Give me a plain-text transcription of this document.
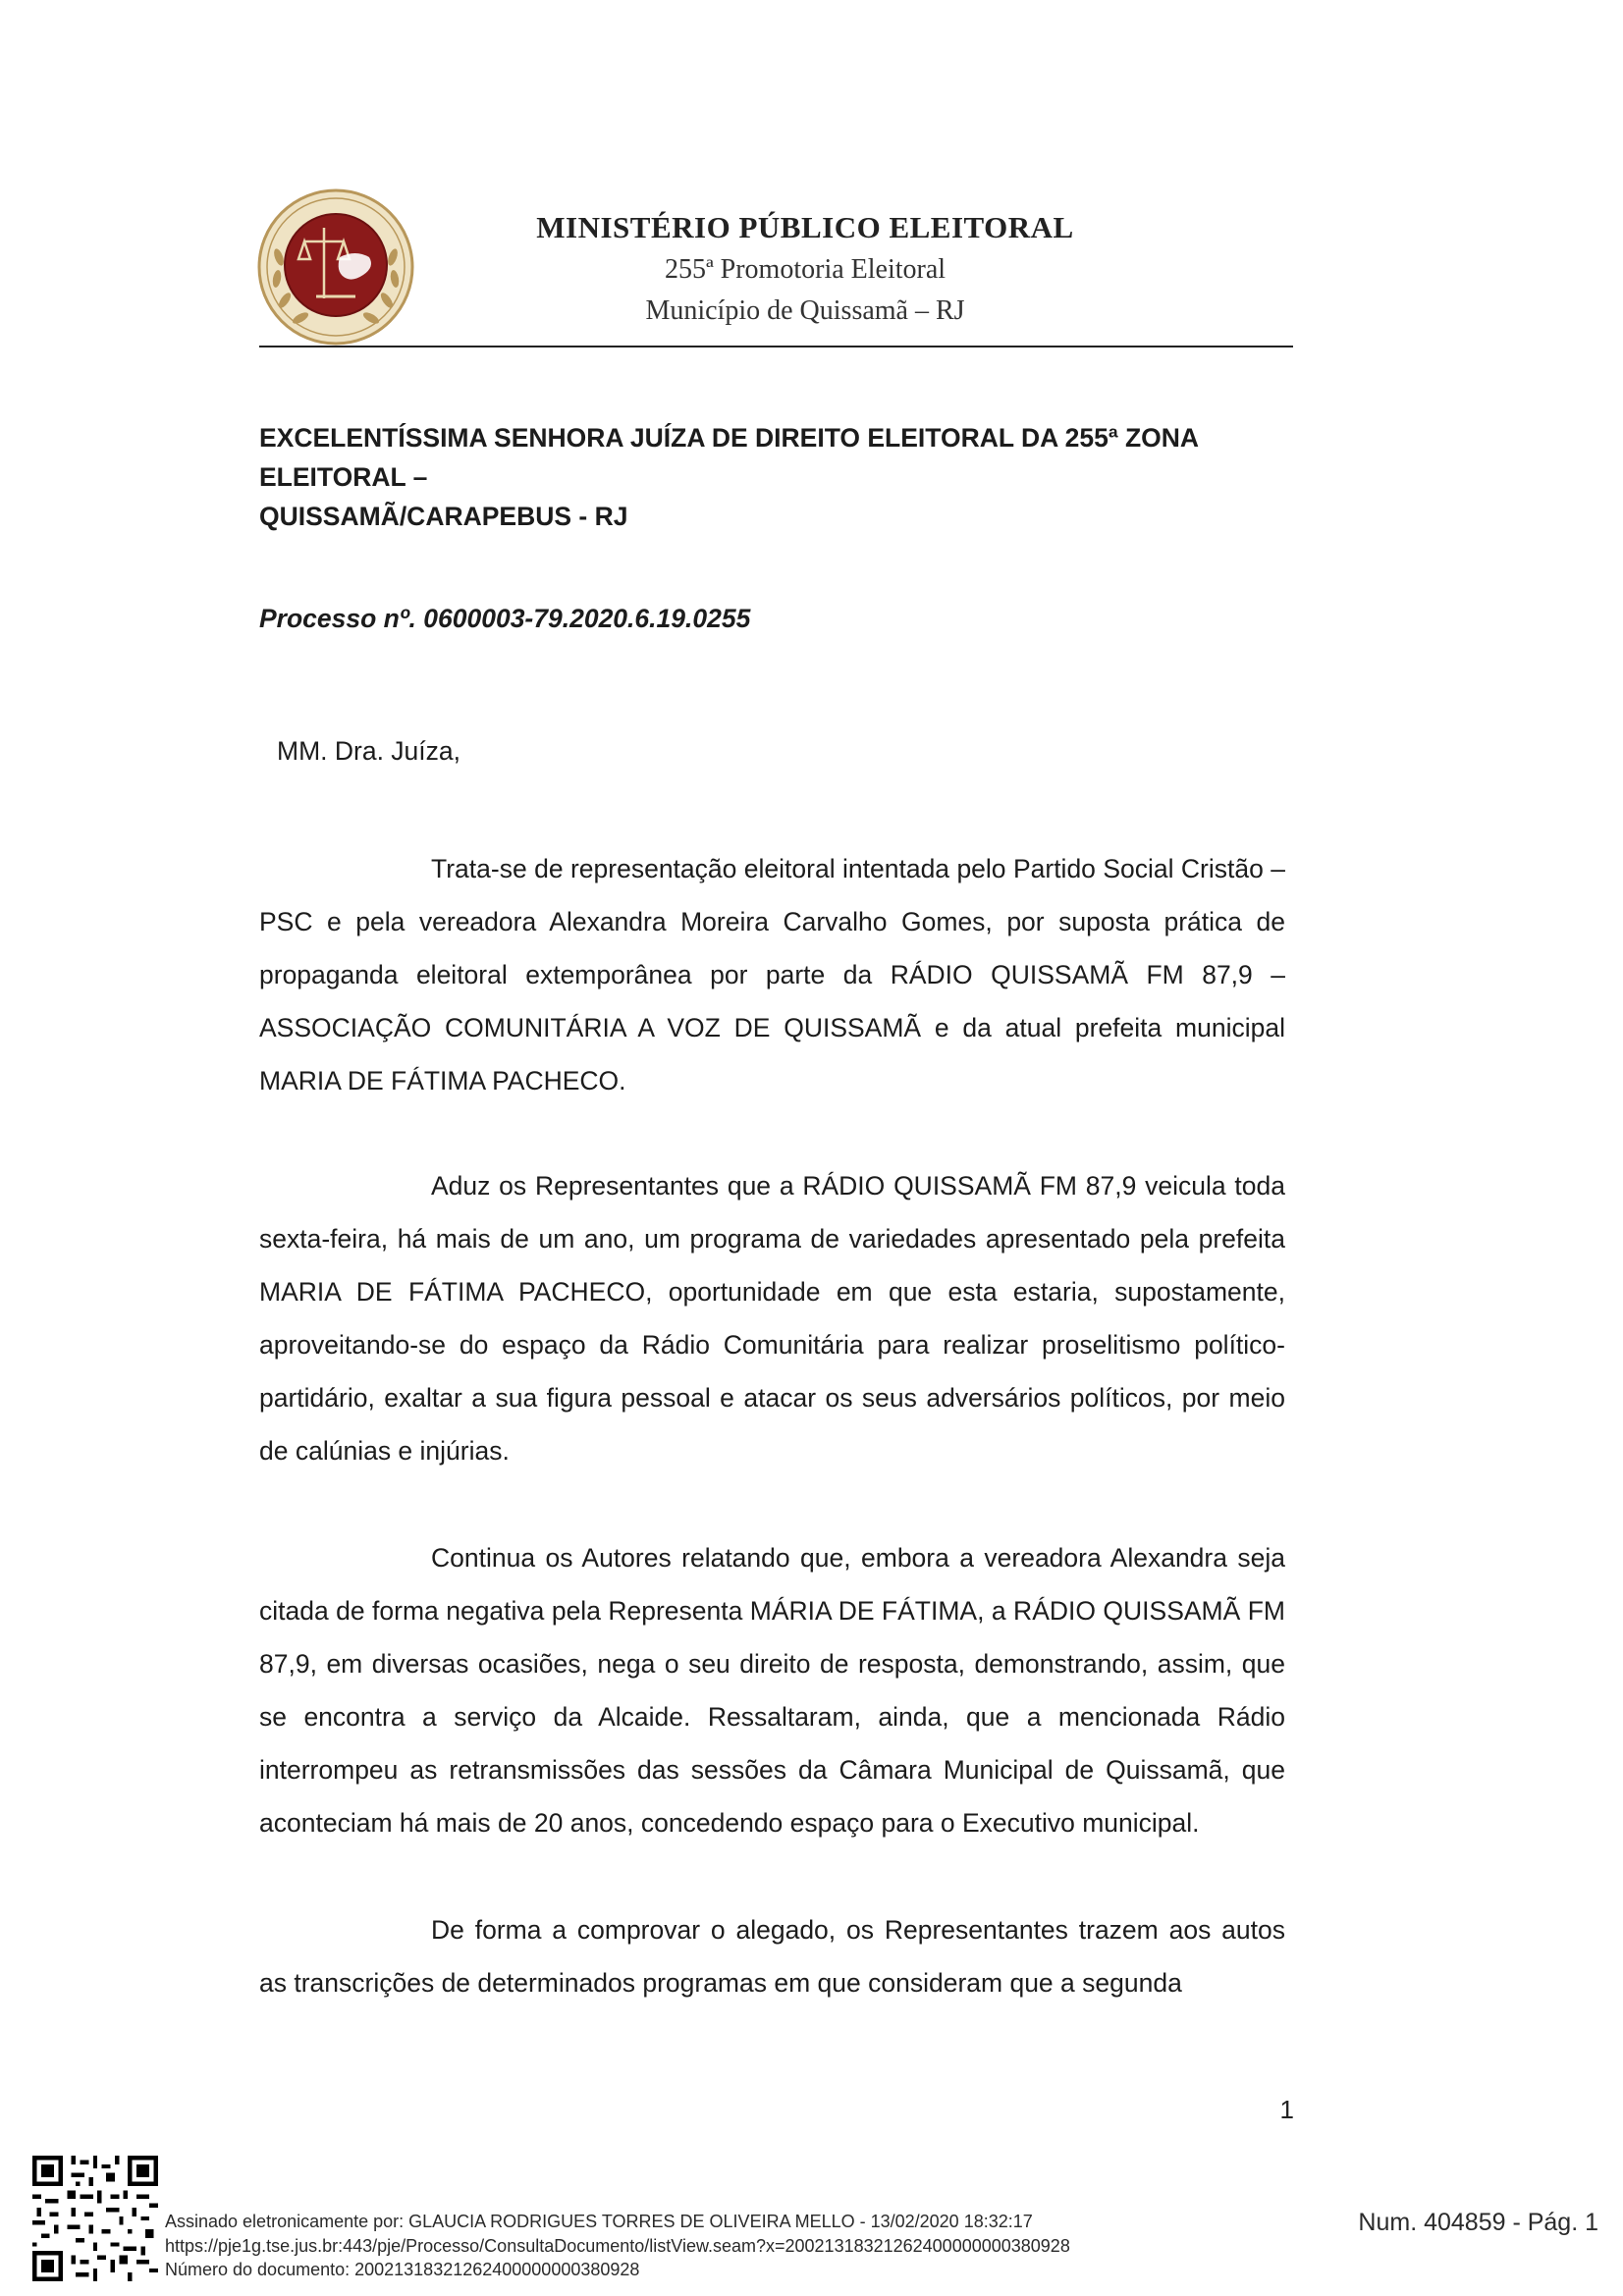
MINISTÉRIO PÚBLICO ELEITORAL
255ª Promotoria Eleitoral
Município de Quissamã – RJ
EXCELENTÍSSIMA SENHORA JUÍZA DE DIREITO ELEITORAL DA 255ª ZONA ELEITORAL –
QUISSAMÃ/CARAPEBUS - RJ
Processo nº. 0600003-79.2020.6.19.0255
MM. Dra. Juíza,
Trata-se de representação eleitoral intentada pelo Partido Social Cristão – PSC e pela vereadora Alexandra Moreira Carvalho Gomes, por suposta prática de propaganda eleitoral extemporânea por parte da RÁDIO QUISSAMÃ FM 87,9 – ASSOCIAÇÃO COMUNITÁRIA A VOZ DE QUISSAMÃ e da atual prefeita municipal MARIA DE FÁTIMA PACHECO.
Aduz os Representantes que a RÁDIO QUISSAMÃ FM 87,9 veicula toda sexta-feira, há mais de um ano, um programa de variedades apresentado pela prefeita MARIA DE FÁTIMA PACHECO, oportunidade em que esta estaria, supostamente, aproveitando-se do espaço da Rádio Comunitária para realizar proselitismo político-partidário, exaltar a sua figura pessoal e atacar os seus adversários políticos, por meio de calúnias e injúrias.
Continua os Autores relatando que, embora a vereadora Alexandra seja citada de forma negativa pela Representa MÁRIA DE FÁTIMA, a RÁDIO QUISSAMÃ FM 87,9, em diversas ocasiões, nega o seu direito de resposta, demonstrando, assim, que se encontra a serviço da Alcaide. Ressaltaram, ainda, que a mencionada Rádio interrompeu as retransmissões das sessões da Câmara Municipal de Quissamã, que aconteciam há mais de 20 anos, concedendo espaço para o Executivo municipal.
De forma a comprovar o alegado, os Representantes trazem aos autos as transcrições de determinados programas em que consideram que a segunda
1
Assinado eletronicamente por: GLAUCIA RODRIGUES TORRES DE OLIVEIRA MELLO - 13/02/2020 18:32:17
https://pje1g.tse.jus.br:443/pje/Processo/ConsultaDocumento/listView.seam?x=20021318321262400000000380928
Número do documento: 20021318321262400000000380928
Num. 404859 - Pág. 1
